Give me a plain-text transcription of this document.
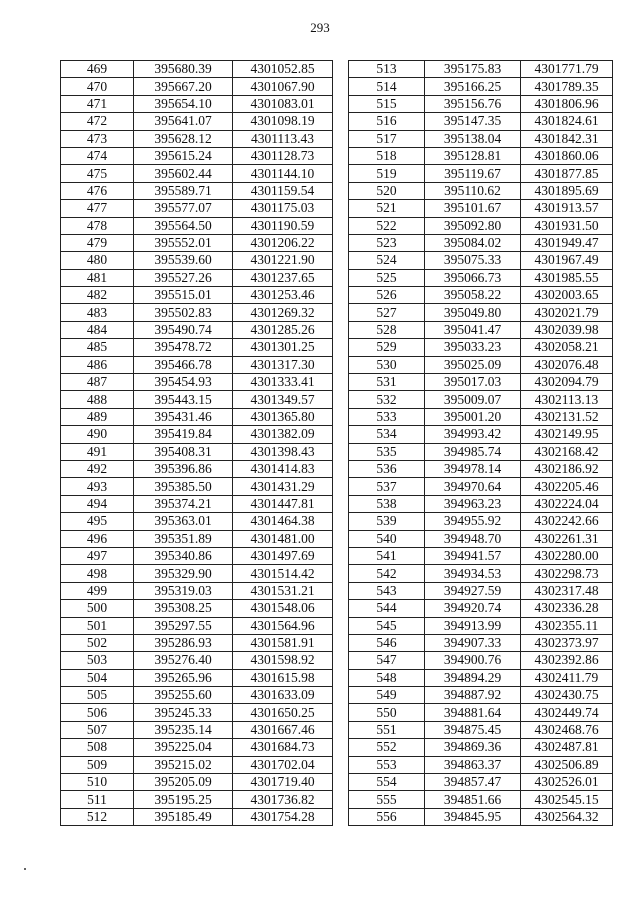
293
469	395680.39	4301052.85
470	395667.20	4301067.90
471	395654.10	4301083.01
472	395641.07	4301098.19
473	395628.12	4301113.43
474	395615.24	4301128.73
475	395602.44	4301144.10
476	395589.71	4301159.54
477	395577.07	4301175.03
478	395564.50	4301190.59
479	395552.01	4301206.22
480	395539.60	4301221.90
481	395527.26	4301237.65
482	395515.01	4301253.46
483	395502.83	4301269.32
484	395490.74	4301285.26
485	395478.72	4301301.25
486	395466.78	4301317.30
487	395454.93	4301333.41
488	395443.15	4301349.57
489	395431.46	4301365.80
490	395419.84	4301382.09
491	395408.31	4301398.43
492	395396.86	4301414.83
493	395385.50	4301431.29
494	395374.21	4301447.81
495	395363.01	4301464.38
496	395351.89	4301481.00
497	395340.86	4301497.69
498	395329.90	4301514.42
499	395319.03	4301531.21
500	395308.25	4301548.06
501	395297.55	4301564.96
502	395286.93	4301581.91
503	395276.40	4301598.92
504	395265.96	4301615.98
505	395255.60	4301633.09
506	395245.33	4301650.25
507	395235.14	4301667.46
508	395225.04	4301684.73
509	395215.02	4301702.04
510	395205.09	4301719.40
511	395195.25	4301736.82
512	395185.49	4301754.28
513	395175.83	4301771.79
514	395166.25	4301789.35
515	395156.76	4301806.96
516	395147.35	4301824.61
517	395138.04	4301842.31
518	395128.81	4301860.06
519	395119.67	4301877.85
520	395110.62	4301895.69
521	395101.67	4301913.57
522	395092.80	4301931.50
523	395084.02	4301949.47
524	395075.33	4301967.49
525	395066.73	4301985.55
526	395058.22	4302003.65
527	395049.80	4302021.79
528	395041.47	4302039.98
529	395033.23	4302058.21
530	395025.09	4302076.48
531	395017.03	4302094.79
532	395009.07	4302113.13
533	395001.20	4302131.52
534	394993.42	4302149.95
535	394985.74	4302168.42
536	394978.14	4302186.92
537	394970.64	4302205.46
538	394963.23	4302224.04
539	394955.92	4302242.66
540	394948.70	4302261.31
541	394941.57	4302280.00
542	394934.53	4302298.73
543	394927.59	4302317.48
544	394920.74	4302336.28
545	394913.99	4302355.11
546	394907.33	4302373.97
547	394900.76	4302392.86
548	394894.29	4302411.79
549	394887.92	4302430.75
550	394881.64	4302449.74
551	394875.45	4302468.76
552	394869.36	4302487.81
553	394863.37	4302506.89
554	394857.47	4302526.01
555	394851.66	4302545.15
556	394845.95	4302564.32
